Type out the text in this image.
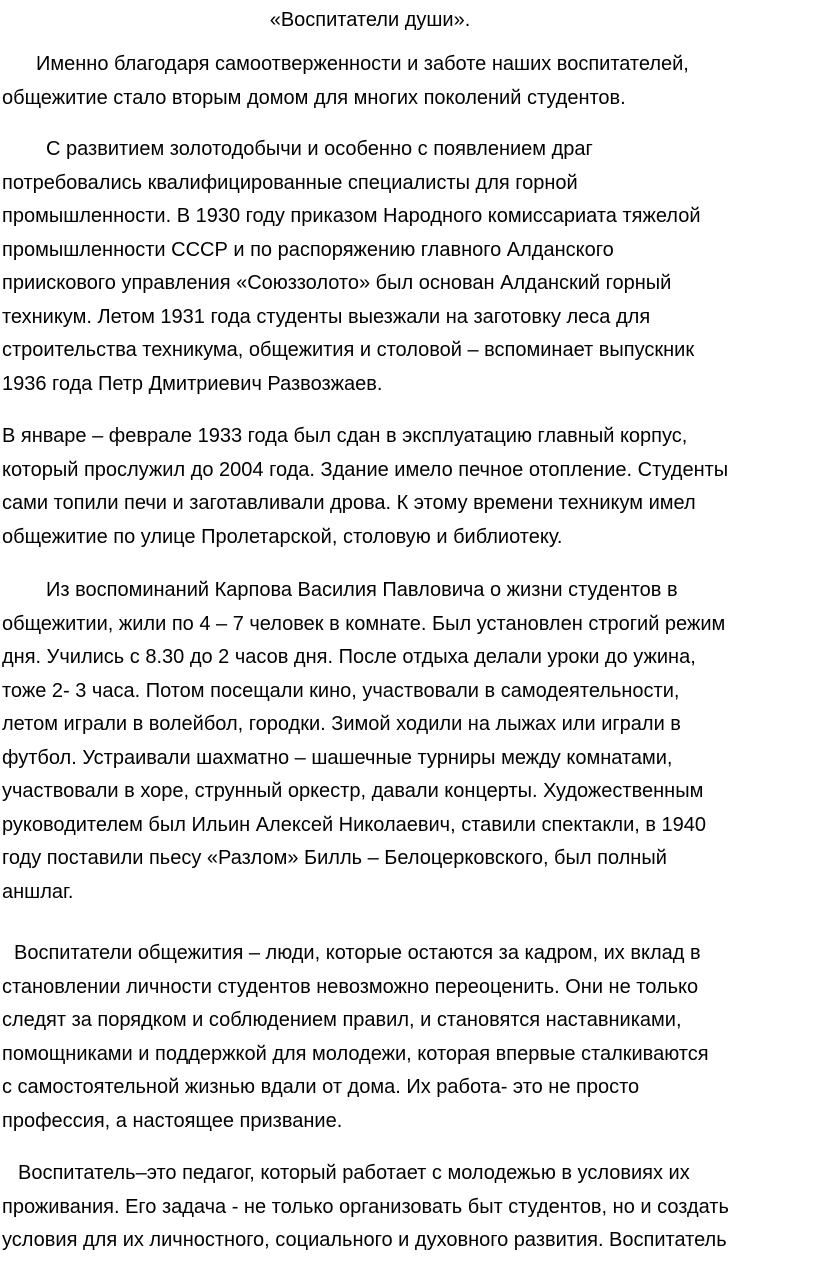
«Воспитатели души».

Именно благодаря самоотверженности и заботе наших воспитателей,
общежитие стало вторым домом для многих поколений студентов.

С развитием золотодобычи и особенно с появлением драг
потребовались квалифицированные специалисты для горной
промышленности. В 1930 году приказом Народного комиссариата тяжелой
промышленности СССР и по распоряжению главного Алданского
приискового управления «Союззолото» был основан Алданский горный
техникум. Летом 1931 года студенты выезжали на заготовку леса для
строительства техникума, общежития и столовой – вспоминает выпускник
1936 года Петр Дмитриевич Развозжаев.

В январе – феврале 1933 года был сдан в эксплуатацию главный корпус,
который прослужил до 2004 года. Здание имело печное отопление. Студенты
сами топили печи и заготавливали дрова. К этому времени техникум имел
общежитие по улице Пролетарской, столовую и библиотеку.

Из воспоминаний Карпова Василия Павловича о жизни студентов в
общежитии, жили по 4 – 7 человек в комнате. Был установлен строгий режим
дня. Учились с 8.30 до 2 часов дня. После отдыха делали уроки до ужина,
тоже 2- 3 часа. Потом посещали кино, участвовали в самодеятельности,
летом играли в волейбол, городки. Зимой ходили на лыжах или играли в
футбол. Устраивали шахматно – шашечные турниры между комнатами,
участвовали в хоре, струнный оркестр, давали концерты. Художественным
руководителем был Ильин Алексей Николаевич, ставили спектакли, в 1940
году поставили пьесу «Разлом» Билль – Белоцерковского, был полный
аншлаг.

Воспитатели общежития – люди, которые остаются за кадром, их вклад в
становлении личности студентов невозможно переоценить. Они не только
следят за порядком и соблюдением правил, и становятся наставниками,
помощниками и поддержкой для молодежи, которая впервые сталкиваются
с самостоятельной жизнью вдали от дома. Их работа- это не просто
профессия, а настоящее призвание.

Воспитатель–это педагог, который работает с молодежью в условиях их
проживания. Его задача - не только организовать быт студентов, но и создать
условия для их личностного, социального и духовного развития. Воспитатель
